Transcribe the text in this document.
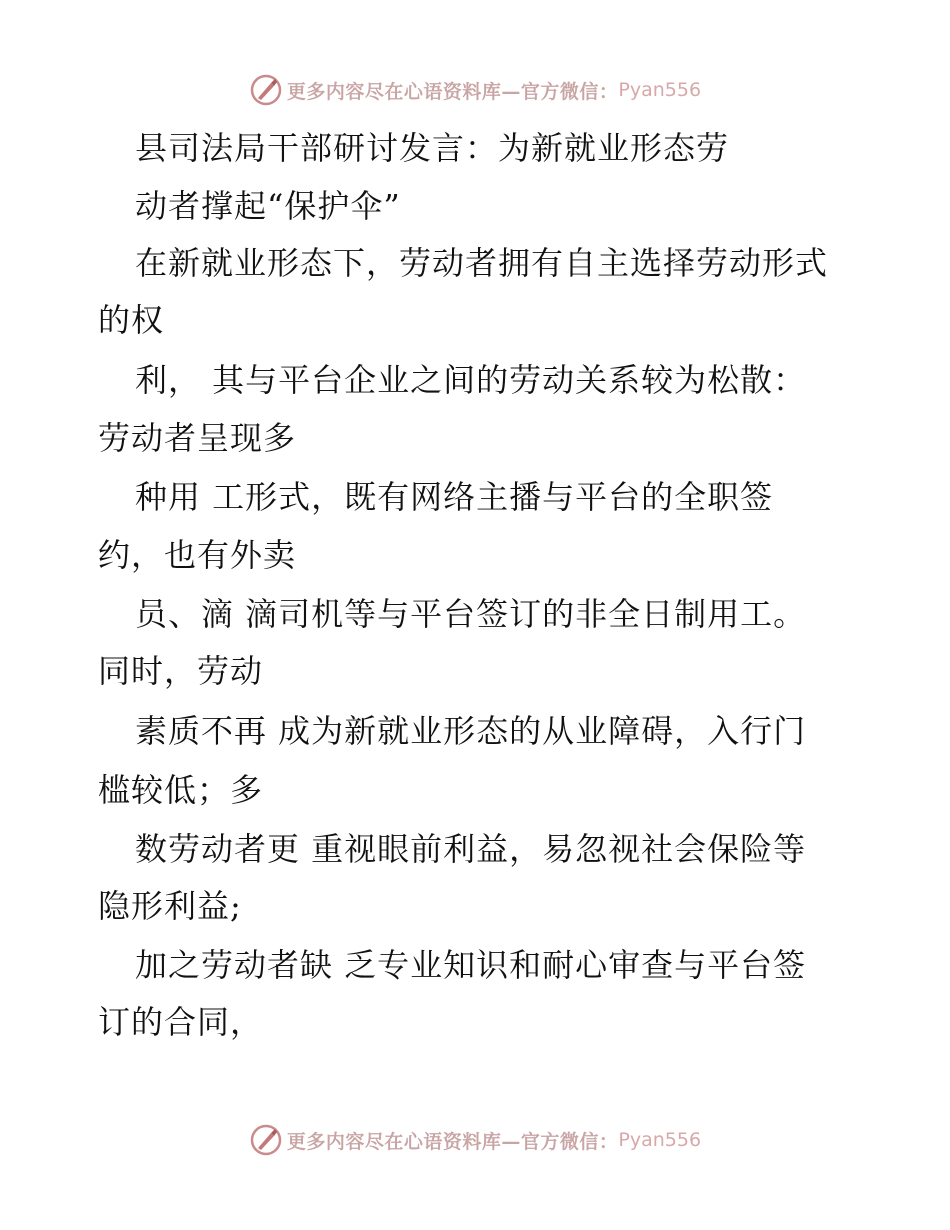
更多内容尽在心语资料库—官方微信： Pyan556
县司法局干部研讨发言：为新就业形态劳
动者撑起“保护伞”
在新就业形态下，劳动者拥有自主选择劳动形式
的权
利， 其与平台企业之间的劳动关系较为松散：
劳动者呈现多
种用 工形式，既有网络主播与平台的全职签
约，也有外卖
员、滴 滴司机等与平台签订的非全日制用工。
同时，劳动
素质不再 成为新就业形态的从业障碍，入行门
槛较低；多
数劳动者更 重视眼前利益，易忽视社会保险等
隐形利益;
加之劳动者缺 乏专业知识和耐心审查与平台签
订的合同，
更多内容尽在心语资料库—官方微信： Pyan556
